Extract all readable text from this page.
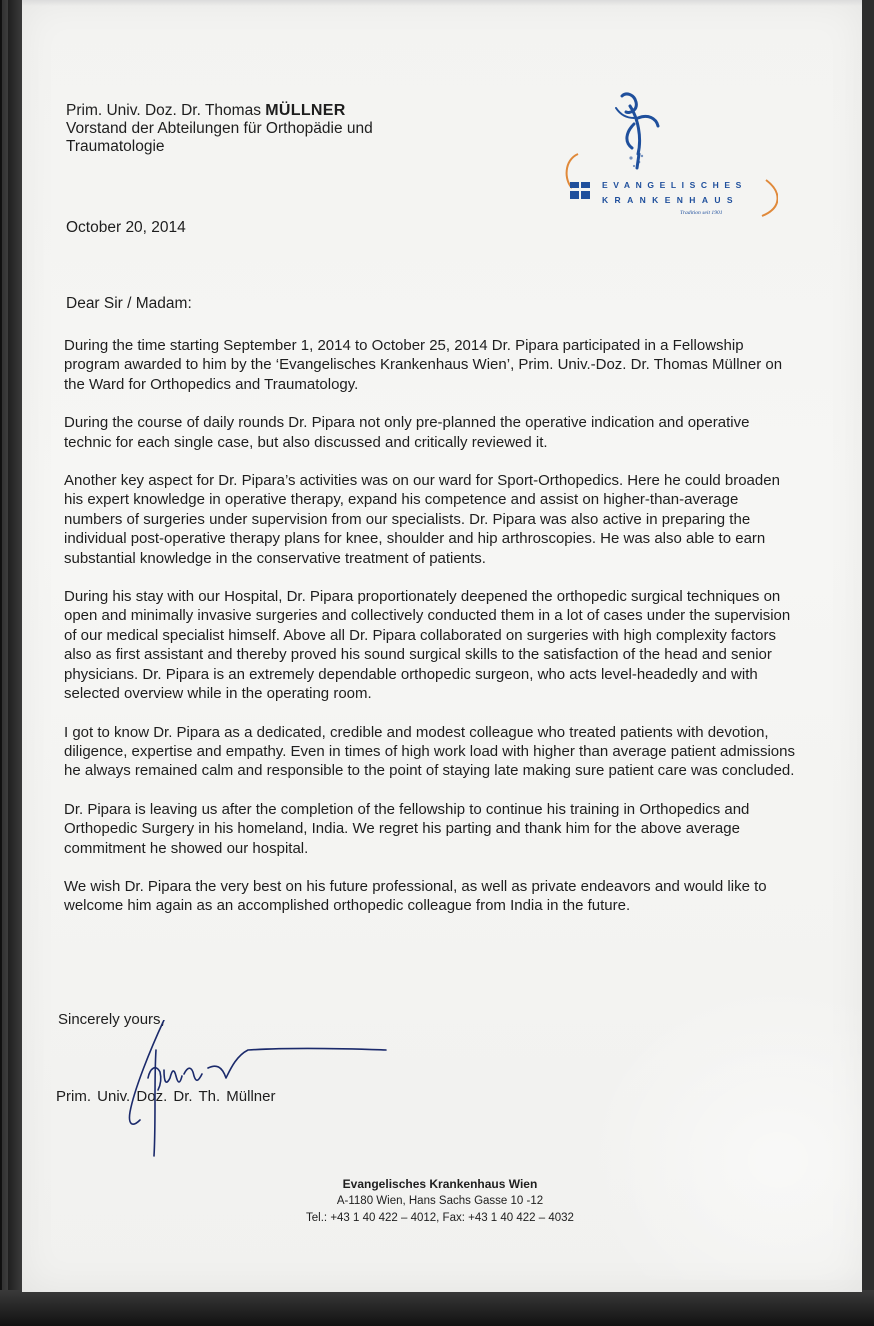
Prim. Univ. Doz. Dr. Thomas MÜLLNER
Vorstand der Abteilungen für Orthopädie und
Traumatologie
EVANGELISCHES
KRANKENHAUS
Tradition seit 1901
October 20, 2014
Dear Sir / Madam:

During the time starting September 1, 2014 to October 25, 2014 Dr. Pipara participated in a Fellowship program awarded to him by the ‘Evangelisches Krankenhaus Wien’, Prim. Univ.-Doz. Dr. Thomas Müllner on the Ward for Orthopedics and Traumatology.

During the course of daily rounds Dr. Pipara not only pre-planned the operative indication and operative technic for each single case, but also discussed and critically reviewed it.

Another key aspect for Dr. Pipara’s activities was on our ward for Sport-Orthopedics. Here he could broaden his expert knowledge in operative therapy, expand his competence and assist on higher-than-average numbers of surgeries under supervision from our specialists. Dr. Pipara was also active in preparing the individual post-operative therapy plans for knee, shoulder and hip arthroscopies. He was also able to earn substantial knowledge in the conservative treatment of patients.

During his stay with our Hospital, Dr. Pipara proportionately deepened the orthopedic surgical techniques on open and minimally invasive surgeries and collectively conducted them in a lot of cases under the supervision of our medical specialist himself. Above all Dr. Pipara collaborated on surgeries with high complexity factors also as first assistant and thereby proved his sound surgical skills to the satisfaction of the head and senior physicians. Dr. Pipara is an extremely dependable orthopedic surgeon, who acts level-headedly and with selected overview while in the operating room.

I got to know Dr. Pipara as a dedicated, credible and modest colleague who treated patients with devotion, diligence, expertise and empathy. Even in times of high work load with higher than average patient admissions he always remained calm and responsible to the point of staying late making sure patient care was concluded.

Dr. Pipara is leaving us after the completion of the fellowship to continue his training in Orthopedics and Orthopedic Surgery in his homeland, India. We regret his parting and thank him for the above average commitment he showed our hospital.

We wish Dr. Pipara the very best on his future professional, as well as private endeavors and would like to welcome him again as an accomplished orthopedic colleague from India in the future.

Sincerely yours,
Prim. Univ. Doz. Dr. Th. Müllner
Evangelisches Krankenhaus Wien
A-1180 Wien, Hans Sachs Gasse 10 -12
Tel.: +43 1 40 422 – 4012, Fax: +43 1 40 422 – 4032
